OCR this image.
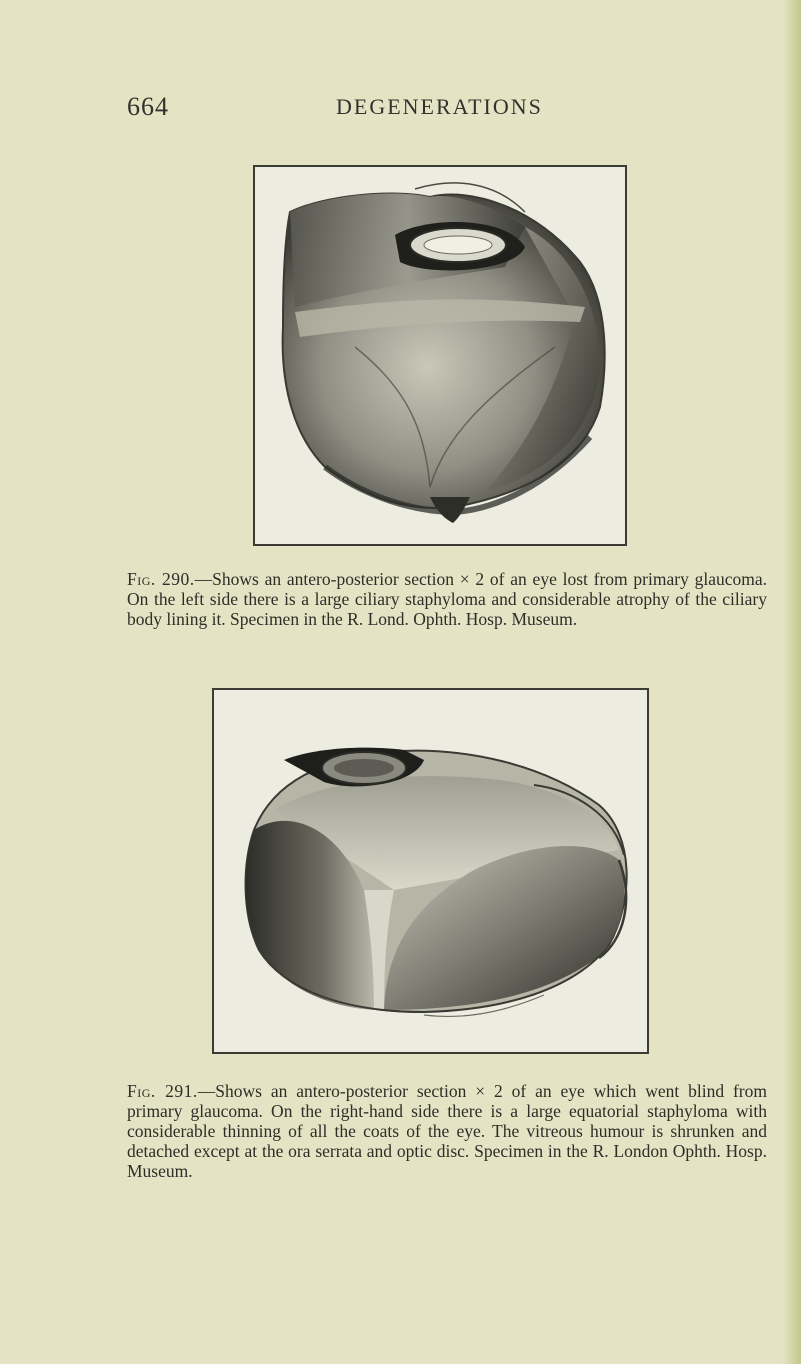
664	DEGENERATIONS
Fig. 290.—Shows an antero-posterior section × 2 of an eye lost from primary glaucoma. On the left side there is a large ciliary staphyloma and considerable atrophy of the ciliary body lining it. Specimen in the R. Lond. Ophth. Hosp. Museum.
Fig. 291.—Shows an antero-posterior section × 2 of an eye which went blind from primary glaucoma. On the right-hand side there is a large equatorial staphyloma with considerable thinning of all the coats of the eye. The vitreous humour is shrunken and detached except at the ora serrata and optic disc. Specimen in the R. London Ophth. Hosp. Museum.
